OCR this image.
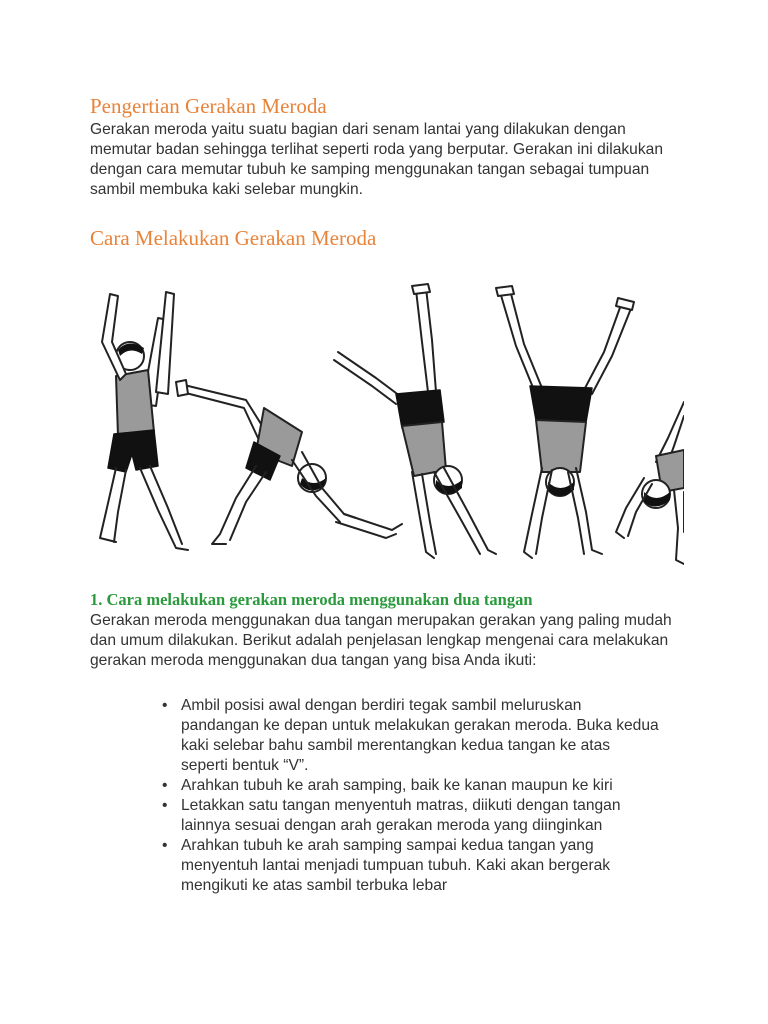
Pengertian Gerakan Meroda

Gerakan meroda yaitu suatu bagian dari senam lantai yang dilakukan dengan memutar badan sehingga terlihat seperti roda yang berputar. Gerakan ini dilakukan dengan cara memutar tubuh ke samping menggunakan tangan sebagai tumpuan sambil membuka kaki selebar mungkin.

Cara Melakukan Gerakan Meroda
1. Cara melakukan gerakan meroda menggunakan dua tangan

Gerakan meroda menggunakan dua tangan merupakan gerakan yang paling mudah dan umum dilakukan. Berikut adalah penjelasan lengkap mengenai cara melakukan gerakan meroda menggunakan dua tangan yang bisa Anda ikuti:

• Ambil posisi awal dengan berdiri tegak sambil meluruskan pandangan ke depan untuk melakukan gerakan meroda. Buka kedua kaki selebar bahu sambil merentangkan kedua tangan ke atas seperti bentuk “V”.
• Arahkan tubuh ke arah samping, baik ke kanan maupun ke kiri
• Letakkan satu tangan menyentuh matras, diikuti dengan tangan lainnya sesuai dengan arah gerakan meroda yang diinginkan
• Arahkan tubuh ke arah samping sampai kedua tangan yang menyentuh lantai menjadi tumpuan tubuh. Kaki akan bergerak mengikuti ke atas sambil terbuka lebar
